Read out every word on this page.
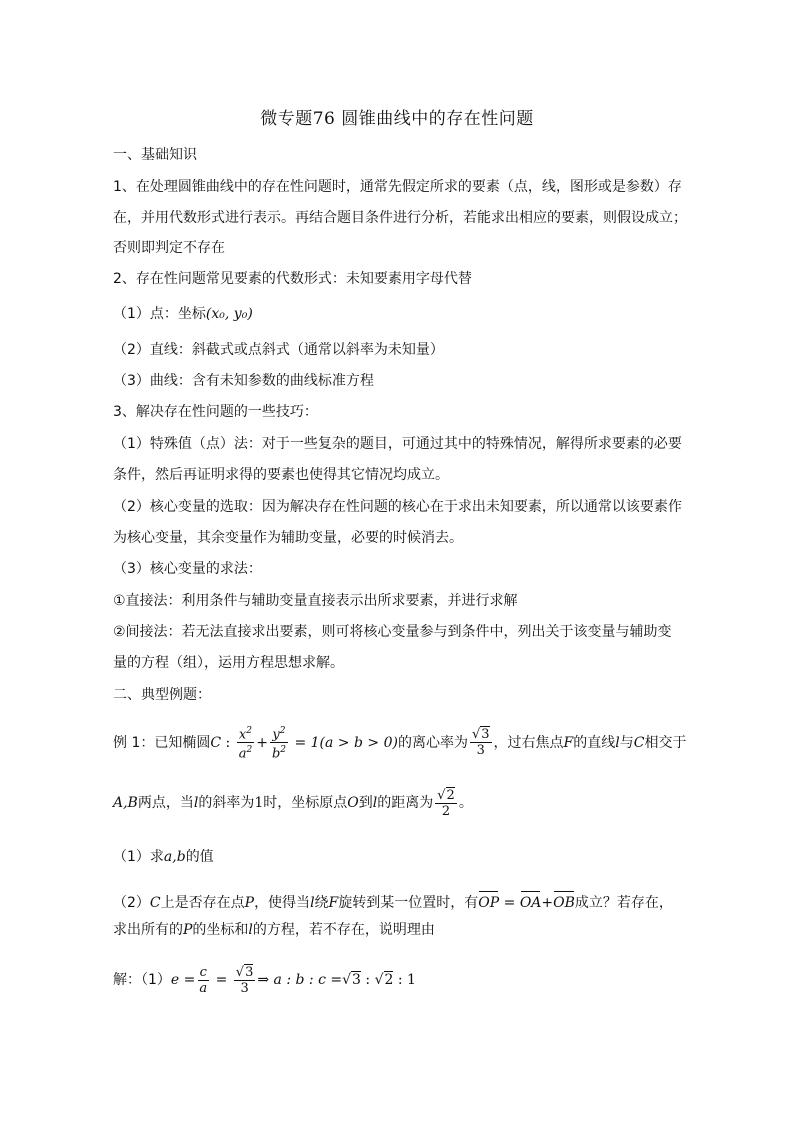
微专题76 圆锥曲线中的存在性问题
一、基础知识
1、在处理圆锥曲线中的存在性问题时，通常先假定所求的要素（点，线，图形或是参数）存
在，并用代数形式进行表示。再结合题目条件进行分析，若能求出相应的要素，则假设成立；
否则即判定不存在
2、存在性问题常见要素的代数形式：未知要素用字母代替
（1）点：坐标(x₀, y₀)
（2）直线：斜截式或点斜式（通常以斜率为未知量）
（3）曲线：含有未知参数的曲线标准方程
3、解决存在性问题的一些技巧：
（1）特殊值（点）法：对于一些复杂的题目，可通过其中的特殊情况，解得所求要素的必要
条件，然后再证明求得的要素也使得其它情况均成立。
（2）核心变量的选取：因为解决存在性问题的核心在于求出未知要素，所以通常以该要素作
为核心变量，其余变量作为辅助变量，必要的时候消去。
（3）核心变量的求法：
①直接法：利用条件与辅助变量直接表示出所求要素，并进行求解
②间接法：若无法直接求出要素，则可将核心变量参与到条件中，列出关于该变量与辅助变
量的方程（组），运用方程思想求解。
二、典型例题：
例 1：已知椭圆C : $\frac{x^2}{a^2} + \frac{y^2}{b^2} = 1(a > b > 0)$的离心率为 $\frac{√3}{3}$ ，过右焦点F的直线l与C相交于
A,B两点，当l的斜率为1时，坐标原点O到l的距离为 $\frac{√2}{2}$ 。
（1）求a,b的值
（2）C上是否存在点P，使得当l绕F旋转到某一位置时，有OP = OA+OB成立？若存在，
求出所有的P的坐标和l的方程，若不存在，说明理由
解：$(1)e = \frac{c}{a} = \frac{√3}{3}$ ⇒ a : b : c =√3 : √2 : 1
